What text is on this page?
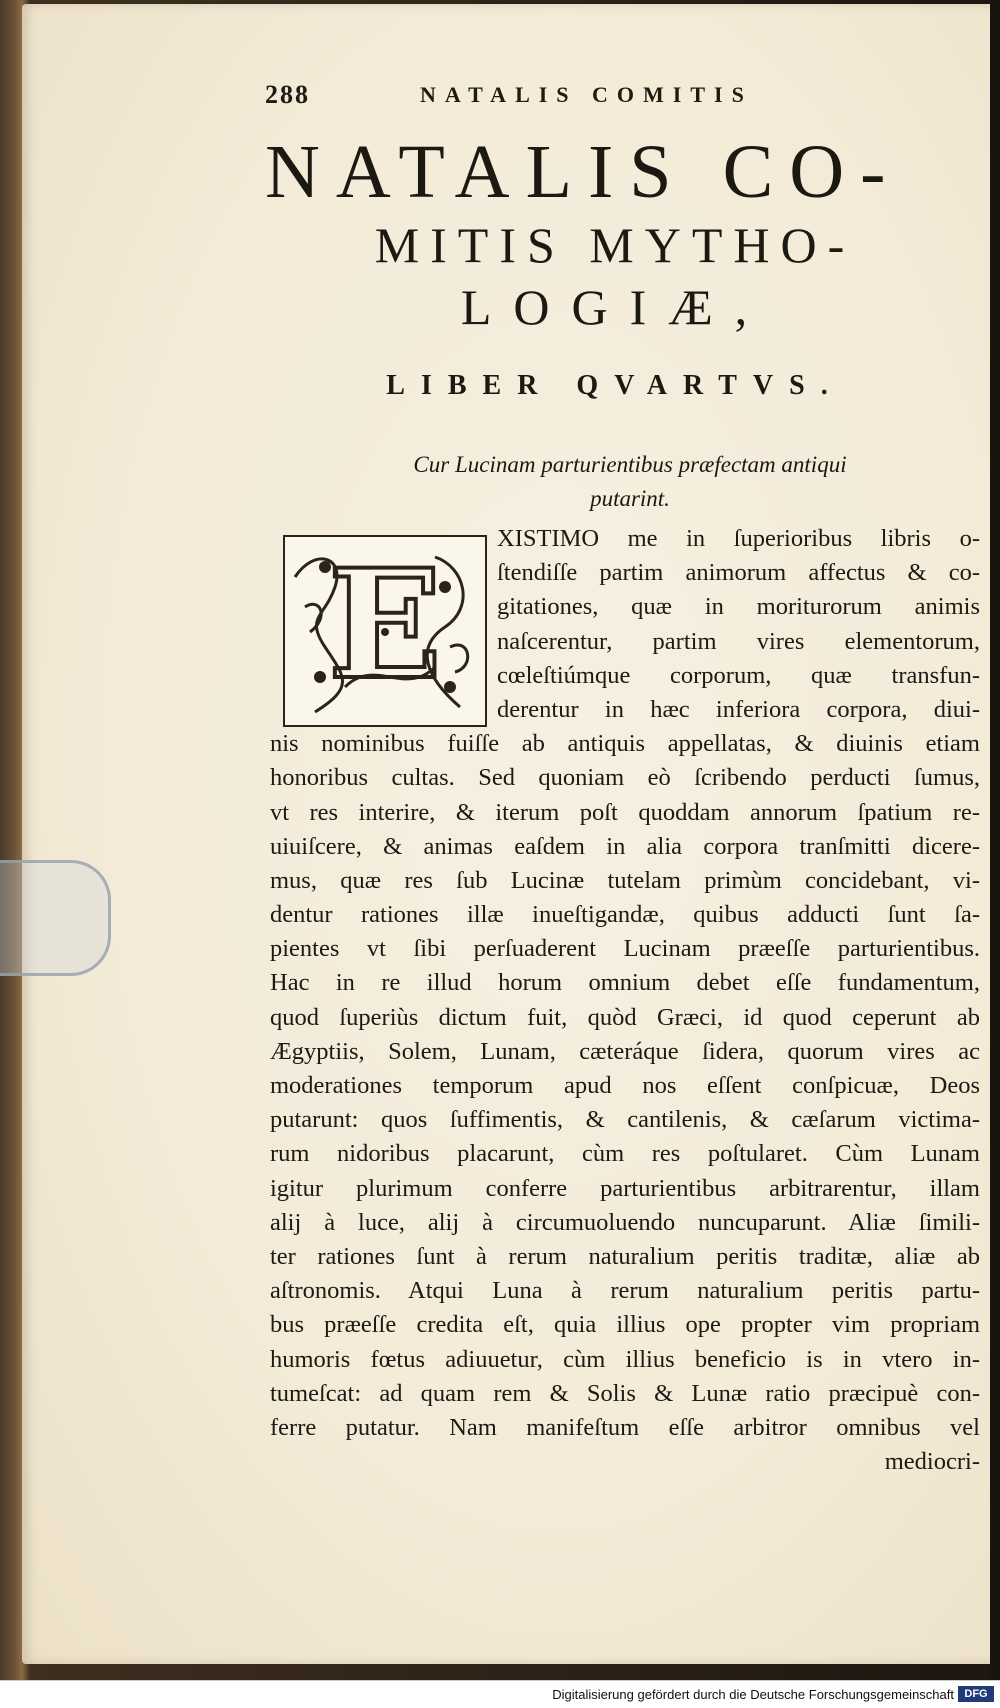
288	NATALIS COMITIS
NATALIS CO-
MITIS MYTHO-
LOGIÆ,
LIBER QVARTVS.
Cur Lucinam parturientibus præfectam antiqui
putarint.
E	XISTIMO me in ſuperioribus libris o-
ſtendiſſe partim animorum affectus & co-
gitationes, quæ in moriturorum animis
naſcerentur, partim vires elementorum,
cœleſtiúmque corporum, quæ transfun-
derentur in hæc inferiora corpora, diui-
nis nominibus fuiſſe ab antiquis appellatas, & diuinis etiam
honoribus cultas. Sed quoniam eò ſcribendo perducti ſumus,
vt res interire, & iterum poſt quoddam annorum ſpatium re-
uiuiſcere, & animas eaſdem in alia corpora tranſmitti dicere-
mus, quæ res ſub Lucinæ tutelam primùm concidebant, vi-
dentur rationes illæ inueſtigandæ, quibus adducti ſunt ſa-
pientes vt ſibi perſuaderent Lucinam præeſſe parturientibus.
Hac in re illud horum omnium debet eſſe fundamentum,
quod ſuperiùs dictum fuit, quòd Græci, id quod ceperunt ab
Ægyptiis, Solem, Lunam, cæteráque ſidera, quorum vires ac
moderationes temporum apud nos eſſent conſpicuæ, Deos
putarunt: quos ſuffimentis, & cantilenis, & cæſarum victima-
rum nidoribus placarunt, cùm res poſtularet. Cùm Lunam
igitur plurimum conferre parturientibus arbitrarentur, illam
alij à luce, alij à circumuoluendo nuncuparunt. Aliæ ſimili-
ter rationes ſunt à rerum naturalium peritis traditæ, aliæ ab
aſtronomis. Atqui Luna à rerum naturalium peritis partu-
bus præeſſe credita eſt, quia illius ope propter vim propriam
humoris fœtus adiuuetur, cùm illius beneficio is in vtero in-
tumeſcat: ad quam rem & Solis & Lunæ ratio præcipuè con-
ferre putatur. Nam manifeſtum eſſe arbitror omnibus vel
mediocri-
Digitalisierung gefördert durch die Deutsche Forschungsgemeinschaft DFG
